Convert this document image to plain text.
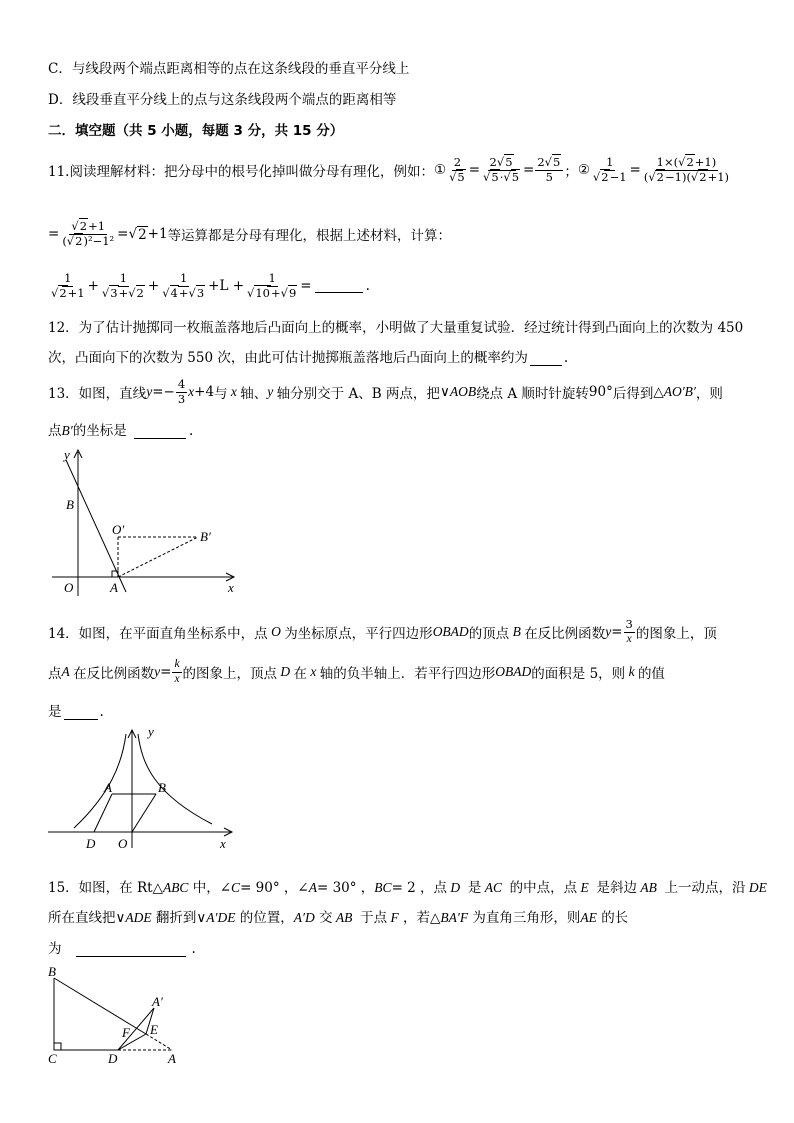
C．与线段两个端点距离相等的点在这条线段的垂直平分线上
D．线段垂直平分线上的点与这条线段两个端点的距离相等
二．填空题（共 5 小题，每题 3 分，共 15 分）
11.阅读理解材料：把分母中的根号化掉叫做分母有理化，例如： ① $\frac{2}{√5} = \frac{2√5}{√5\cdot√5} = \frac{2√5}{5}$ ； ② $\frac{1}{√2-1} = \frac{1\times(√2+1)}{(√2-1)(√2+1)}$
= $\frac{√2+1}{\text{(√2)²−1²}}$ =√ 2 +1 等运算都是分母有理化，根据上述材料，计算：
$\frac{1}{√2+1} + \frac{1}{√3+√2} + \frac{1}{√4+√3} +L + \frac{1}{√10+√9}$ =	.
12．为了估计抛掷同一枚瓶盖落地后凸面向上的概率，小明做了大量重复试验．经过统计得到凸面向上的次数为 450
次，凸面向下的次数为 550 次，由此可估计抛掷瓶盖落地后凸面向上的概率约为	.
13．如图，直线 $y =- \frac{4}{3}$ x +4 与 x 轴、 y 轴分别交于 A、B 两点，把 ∨AOB 绕点 A 顺时针旋转 90° 后得到 △AO′B′ ，则
点B′的坐标是	.
y
x
B
O′	B′
O	A
14．如图，在平面直角坐标系中，点 O 为坐标原点，平行四边形 OBAD 的顶点 B 在反比例函数 $y = \frac{3}{x}$ 的图象上，顶
点 A 在反比例函数 $y = \frac{k}{x}$ 的图象上，顶点 D 在 x 轴的负半轴上．若平行四边形 OBAD 的面积是 5，则 k 的值
是	.
y
x
A	B
D O
15．如图，在 Rt△ABC 中，∠C= 90° ，∠A= 30° ，BC= 2 ，点 D  是 AC  的中点，点 E  是斜边 AB  上一动点，沿 DE
所在直线把∨ADE 翻折到∨A′DE 的位置，A′D 交 AB  于点 F ，若△BA′F 为直角三角形，则AE 的长
为	.
B
A′
F E
C	D	A
